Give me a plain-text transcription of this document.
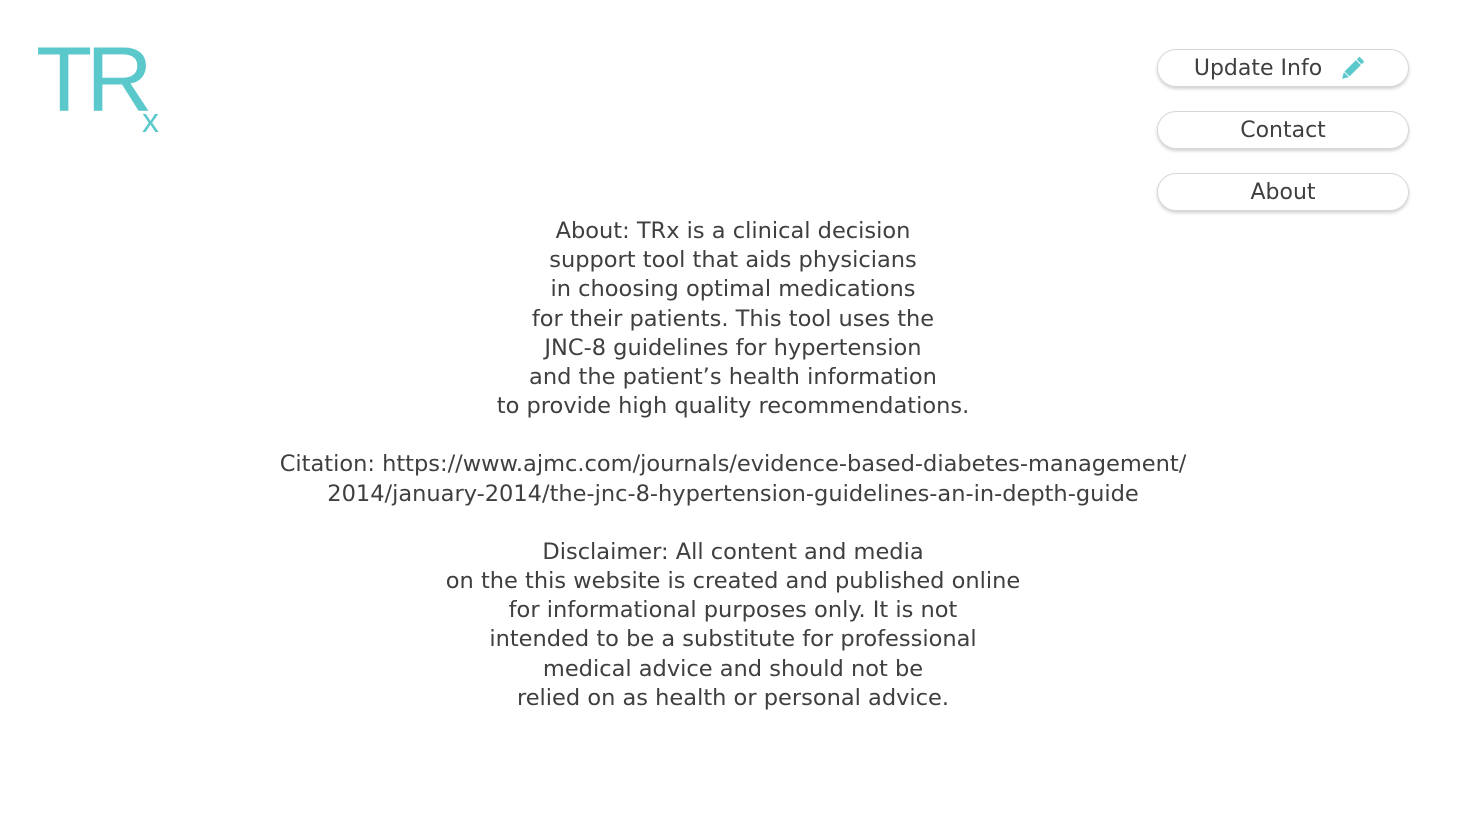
TR
x
Update Info
Contact
About

About: TRx is a clinical decision
support tool that aids physicians
in choosing optimal medications
for their patients. This tool uses the
JNC-8 guidelines for hypertension
and the patient’s health information
to provide high quality recommendations.

Citation: https://www.ajmc.com/journals/evidence-based-diabetes-management/
2014/january-2014/the-jnc-8-hypertension-guidelines-an-in-depth-guide

Disclaimer: All content and media
on the this website is created and published online
for informational purposes only. It is not
intended to be a substitute for professional
medical advice and should not be
relied on as health or personal advice.
